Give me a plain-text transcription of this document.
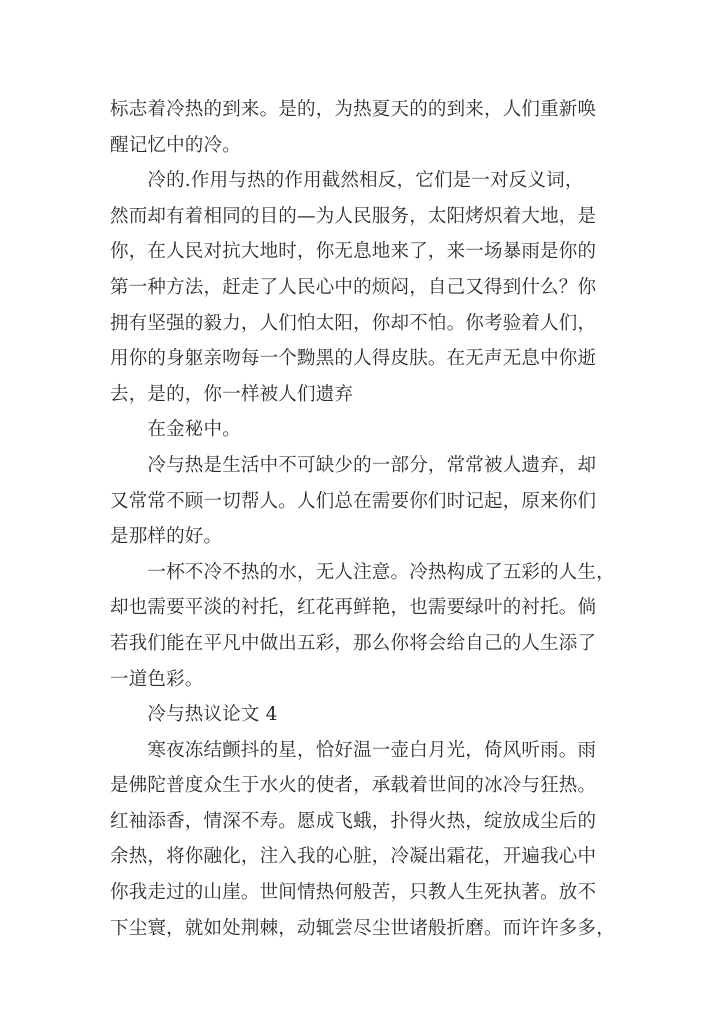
标志着冷热的到来。是的，为热夏天的的到来，人们重新唤
醒记忆中的冷。

　　冷的.作用与热的作用截然相反，它们是一对反义词，
然而却有着相同的目的—为人民服务，太阳烤炽着大地，是
你，在人民对抗大地时，你无息地来了，来一场暴雨是你的
第一种方法，赶走了人民心中的烦闷，自己又得到什么？你
拥有坚强的毅力，人们怕太阳，你却不怕。你考验着人们，
用你的身躯亲吻每一个黝黑的人得皮肤。在无声无息中你逝
去，是的，你一样被人们遗弃

　　在金秘中。

　　冷与热是生活中不可缺少的一部分，常常被人遗弃，却
又常常不顾一切帮人。人们总在需要你们时记起，原来你们
是那样的好。

　　一杯不冷不热的水，无人注意。冷热构成了五彩的人生，
却也需要平淡的衬托，红花再鲜艳，也需要绿叶的衬托。倘
若我们能在平凡中做出五彩，那么你将会给自己的人生添了
一道色彩。

　　冷与热议论文 4

　　寒夜冻结颤抖的星，恰好温一壶白月光，倚风听雨。雨
是佛陀普度众生于水火的使者，承载着世间的冰冷与狂热。
红袖添香，情深不寿。愿成飞蛾，扑得火热，绽放成尘后的
余热，将你融化，注入我的心脏，冷凝出霜花，开遍我心中
你我走过的山崖。世间情热何般苦，只教人生死执著。放不
下尘寰，就如处荆棘，动辄尝尽尘世诸般折磨。而许许多多，
